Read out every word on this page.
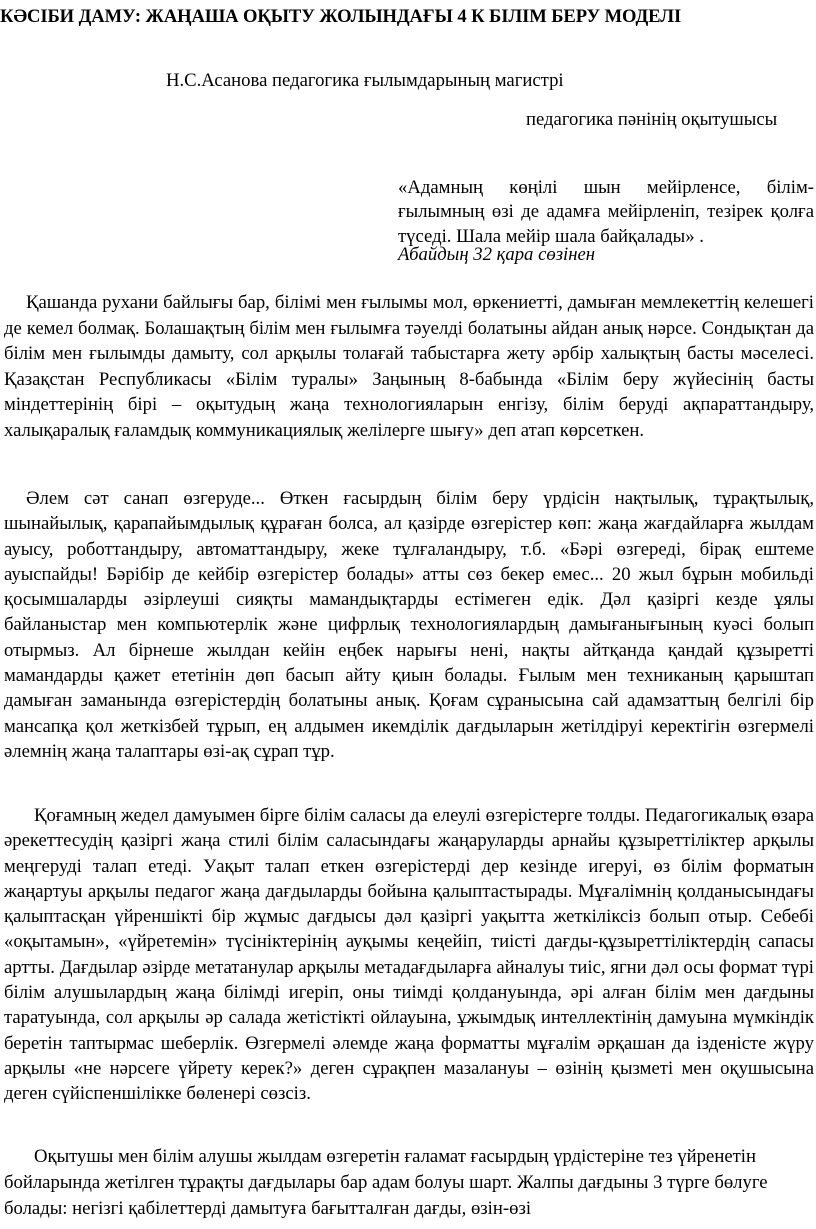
КӘСІБИ ДАМУ: ЖАҢАША ОҚЫТУ ЖОЛЫНДАҒЫ 4 К БІЛІМ БЕРУ МОДЕЛІ
Н.С.Асанова педагогика ғылымдарының магистрі
педагогика пәнінің оқытушысы
«Адамның көңілі шын мейірленсе, білім-ғылымның өзі де адамға мейірленіп, тезірек қолға түседі. Шала мейір шала байқалады» .
Абайдың 32 қара сөзінен

Қашанда рухани байлығы бар, білімі мен ғылымы мол, өркениетті, дамыған мемлекеттің келешегі де кемел болмақ. Болашақтың білім мен ғылымға тәуелді болатыны айдан анық нәрсе. Сондықтан да білім мен ғылымды дамыту, сол арқылы толағай табыстарға жету әрбір халықтың басты мәселесі. Қазақстан Республикасы «Білім туралы» Заңының 8-бабында «Білім беру жүйесінің басты міндеттерінің бірі – оқытудың жаңа технологияларын енгізу, білім беруді ақпараттандыру, халықаралық ғаламдық коммуникациялық желілерге шығу» деп атап көрсеткен.

Әлем сәт санап өзгеруде... Өткен ғасырдың білім беру үрдісін нақтылық, тұрақтылық, шынайылық, қарапайымдылық құраған болса, ал қазірде өзгерістер көп: жаңа жағдайларға жылдам ауысу, роботтандыру, автоматтандыру, жеке тұлғаландыру, т.б. «Бәрі өзгереді, бірақ ештеме ауыспайды! Бәрібір де кейбір өзгерістер болады» атты сөз бекер емес... 20 жыл бұрын мобильді қосымшаларды әзірлеуші сияқты мамандықтарды естімеген едік. Дәл қазіргі кезде ұялы байланыстар мен компьютерлік және цифрлық технологиялардың дамығанығының куәсі болып отырмыз. Ал бірнеше жылдан кейін еңбек нарығы нені, нақты айтқанда қандай құзыретті мамандарды қажет ететінін дөп басып айту қиын болады. Ғылым мен техниканың қарыштап дамыған заманында өзгерістердің болатыны анық. Қоғам сұранысына сай адамзаттың белгілі бір мансапқа қол жеткізбей тұрып, ең алдымен икемділік дағдыларын жетілдіруі керектігін өзгермелі әлемнің жаңа талаптары өзі-ақ сұрап тұр.

Қоғамның жедел дамуымен бірге білім саласы да елеулі өзгерістерге толды. Педагогикалық өзара әрекеттесудің қазіргі жаңа стилі білім саласындағы жаңаруларды арнайы құзыреттіліктер арқылы меңгеруді талап етеді. Уақыт талап еткен өзгерістерді дер кезінде игеруі, өз білім форматын жаңартуы арқылы педагог жаңа дағдыларды бойына қалыптастырады. Мұғалімнің қолданысындағы қалыптасқан үйреншікті бір жұмыс дағдысы дәл қазіргі уақытта жеткіліксіз болып отыр. Себебі «оқытамын», «үйретемін» түсініктерінің ауқымы кеңейіп, тиісті дағды-құзыреттіліктердің сапасы артты. Дағдылар әзірде метатанулар арқылы метадағдыларға айналуы тиіс, ягни дәл осы формат түрі білім алушылардың жаңа білімді игеріп, оны тиімді қолдануында, әрі алған білім мен дағдыны таратуында, сол арқылы әр салада жетістікті ойлауына, ұжымдық интеллектінің дамуына мүмкіндік беретін таптырмас шеберлік. Өзгермелі әлемде жаңа форматты мұғалім әрқашан да ізденісте жүру арқылы «не нәрсеге үйрету керек?» деген сұрақпен мазалануы – өзінің қызметі мен оқушысына деген сүйіспеншілікке бөленері сөзсіз.

Оқытушы мен білім алушы жылдам өзгеретін ғаламат ғасырдың үрдістеріне тез үйренетін бойларында жетілген тұрақты дағдылары бар адам болуы шарт. Жалпы дағдыны 3 түрге бөлуге болады: негізгі қабілеттерді дамытуға бағытталған дағды, өзін-өзі
